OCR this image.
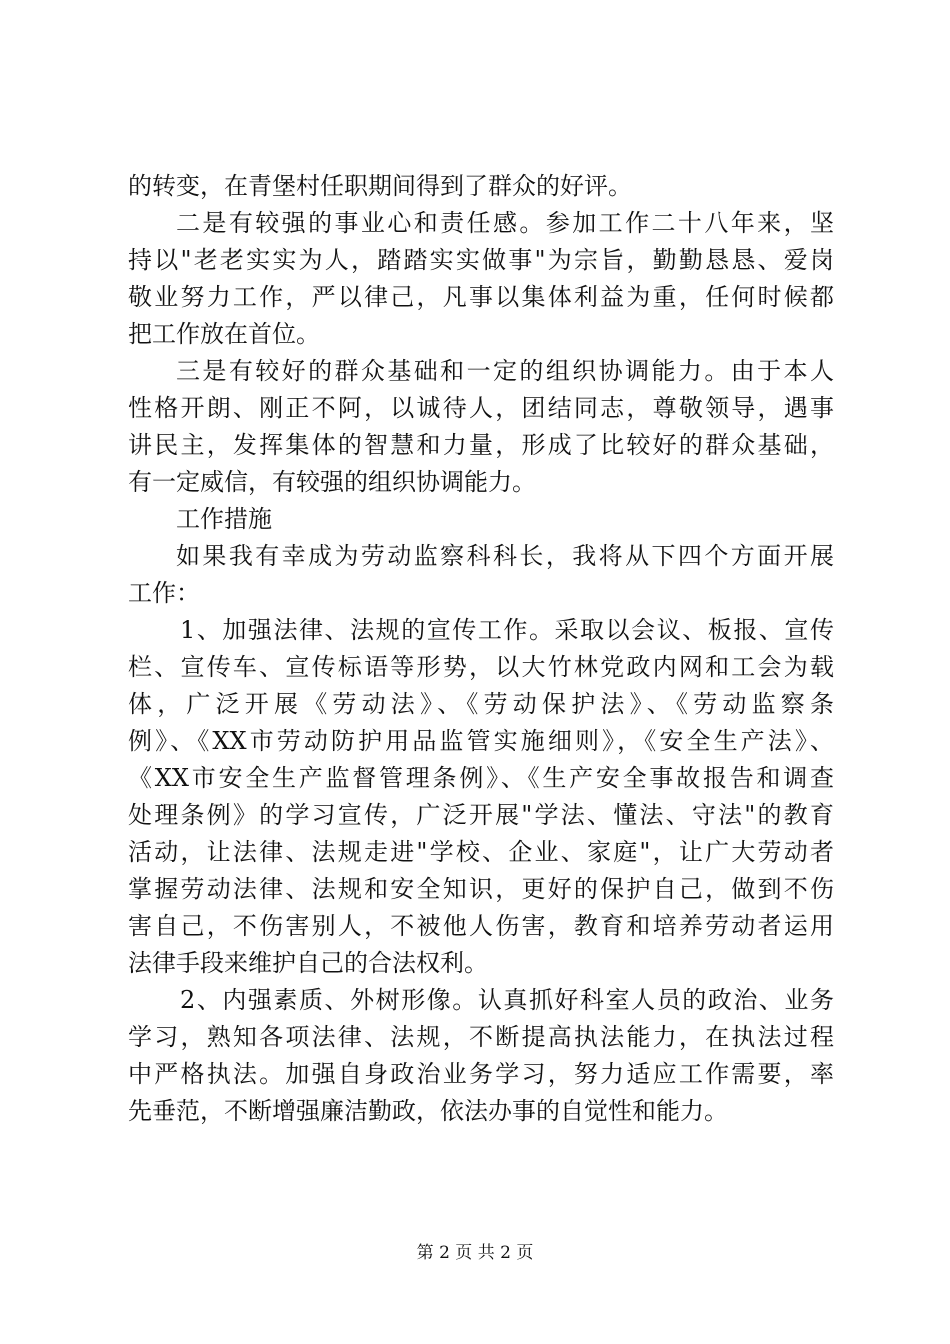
的转变，在青堡村任职期间得到了群众的好评。
二是有较强的事业心和责任感。参加工作二十八年来，坚
持以"老老实实为人，踏踏实实做事"为宗旨，勤勤恳恳、爱岗
敬业努力工作，严以律己，凡事以集体利益为重，任何时候都
把工作放在首位。
三是有较好的群众基础和一定的组织协调能力。由于本人
性格开朗、刚正不阿，以诚待人，团结同志，尊敬领导，遇事
讲民主，发挥集体的智慧和力量，形成了比较好的群众基础，
有一定威信，有较强的组织协调能力。
工作措施
如果我有幸成为劳动监察科科长，我将从下四个方面开展
工作：
1、加强法律、法规的宣传工作。采取以会议、板报、宣传
栏、宣传车、宣传标语等形势，以大竹林党政内网和工会为载
体，广泛开展《劳动法》、《劳动保护法》、《劳动监察条
例》、《XX市劳动防护用品监管实施细则》，《安全生产法》、
《XX市安全生产监督管理条例》、《生产安全事故报告和调查
处理条例》的学习宣传，广泛开展"学法、懂法、守法"的教育
活动，让法律、法规走进"学校、企业、家庭"，让广大劳动者
掌握劳动法律、法规和安全知识，更好的保护自己，做到不伤
害自己，不伤害别人，不被他人伤害，教育和培养劳动者运用
法律手段来维护自己的合法权利。
2、内强素质、外树形像。认真抓好科室人员的政治、业务
学习，熟知各项法律、法规，不断提高执法能力，在执法过程
中严格执法。加强自身政治业务学习，努力适应工作需要，率
先垂范，不断增强廉洁勤政，依法办事的自觉性和能力。
第 2 页 共 2 页
